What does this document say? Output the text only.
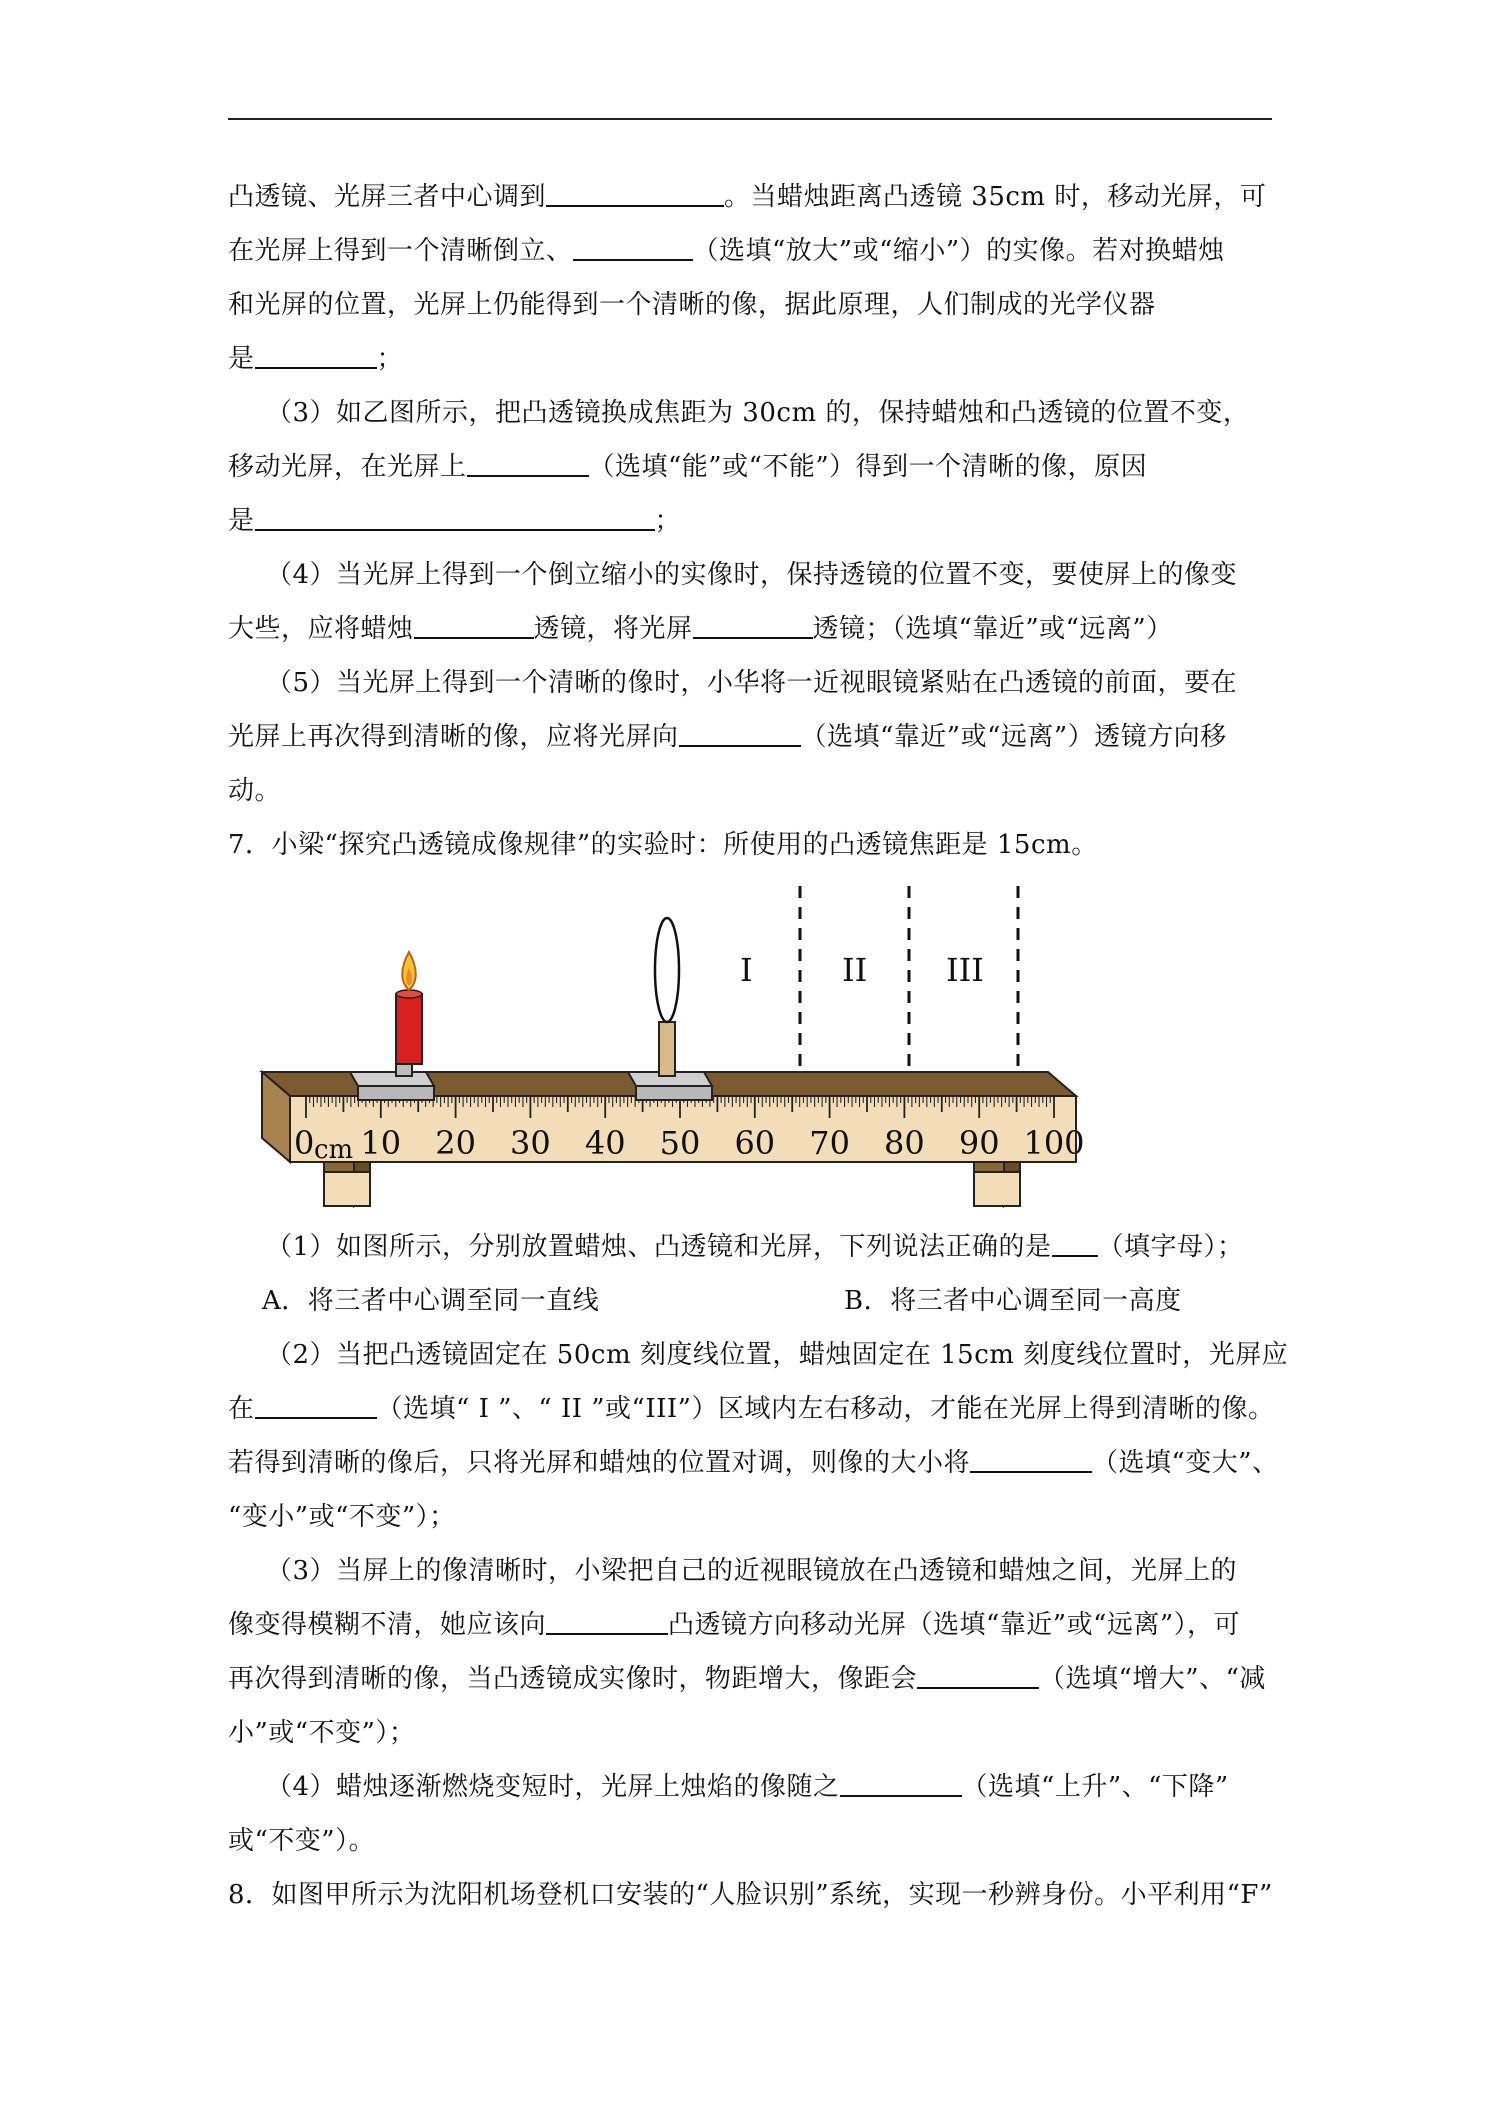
凸透镜、光屏三者中心调到	。当蜡烛距离凸透镜 35cm 时，移动光屏，可
在光屏上得到一个清晰倒立、	（选填“放大”或“缩小”）的实像。若对换蜡烛
和光屏的位置，光屏上仍能得到一个清晰的像，据此原理，人们制成的光学仪器
是	；
（3）如乙图所示，把凸透镜换成焦距为 30cm 的，保持蜡烛和凸透镜的位置不变，
移动光屏，在光屏上	（选填“能”或“不能”）得到一个清晰的像，原因
是	；
（4）当光屏上得到一个倒立缩小的实像时，保持透镜的位置不变，要使屏上的像变
大些，应将蜡烛	透镜，将光屏	透镜；（选填“靠近”或“远离”）
（5）当光屏上得到一个清晰的像时，小华将一近视眼镜紧贴在凸透镜的前面，要在
光屏上再次得到清晰的像，应将光屏向	（选填“靠近”或“远离”）透镜方向移
动。
7．小梁“探究凸透镜成像规律”的实验时：所使用的凸透镜焦距是 15cm。
I	II III
0 10 20 30 40 50 60 70 80 90 100
cm
（1）如图所示，分别放置蜡烛、凸透镜和光屏，下列说法正确的是 （填字母）；
A．将三者中心调至同一直线	B．将三者中心调至同一高度
（2）当把凸透镜固定在 50cm 刻度线位置，蜡烛固定在 15cm 刻度线位置时，光屏应
在	（选填“ I ”、“ II ”或“III”）区域内左右移动，才能在光屏上得到清晰的像。
若得到清晰的像后，只将光屏和蜡烛的位置对调，则像的大小将	（选填“变大”、
“变小”或“不变”）；
（3）当屏上的像清晰时，小梁把自己的近视眼镜放在凸透镜和蜡烛之间，光屏上的
像变得模糊不清，她应该向	凸透镜方向移动光屏（选填“靠近”或“远离”），可
再次得到清晰的像，当凸透镜成实像时，物距增大，像距会	（选填“增大”、“减
小”或“不变”）；
（4）蜡烛逐渐燃烧变短时，光屏上烛焰的像随之	（选填“上升”、“下降”
或“不变”）。
8．如图甲所示为沈阳机场登机口安装的“人脸识别”系统，实现一秒辨身份。小平利用“F”
